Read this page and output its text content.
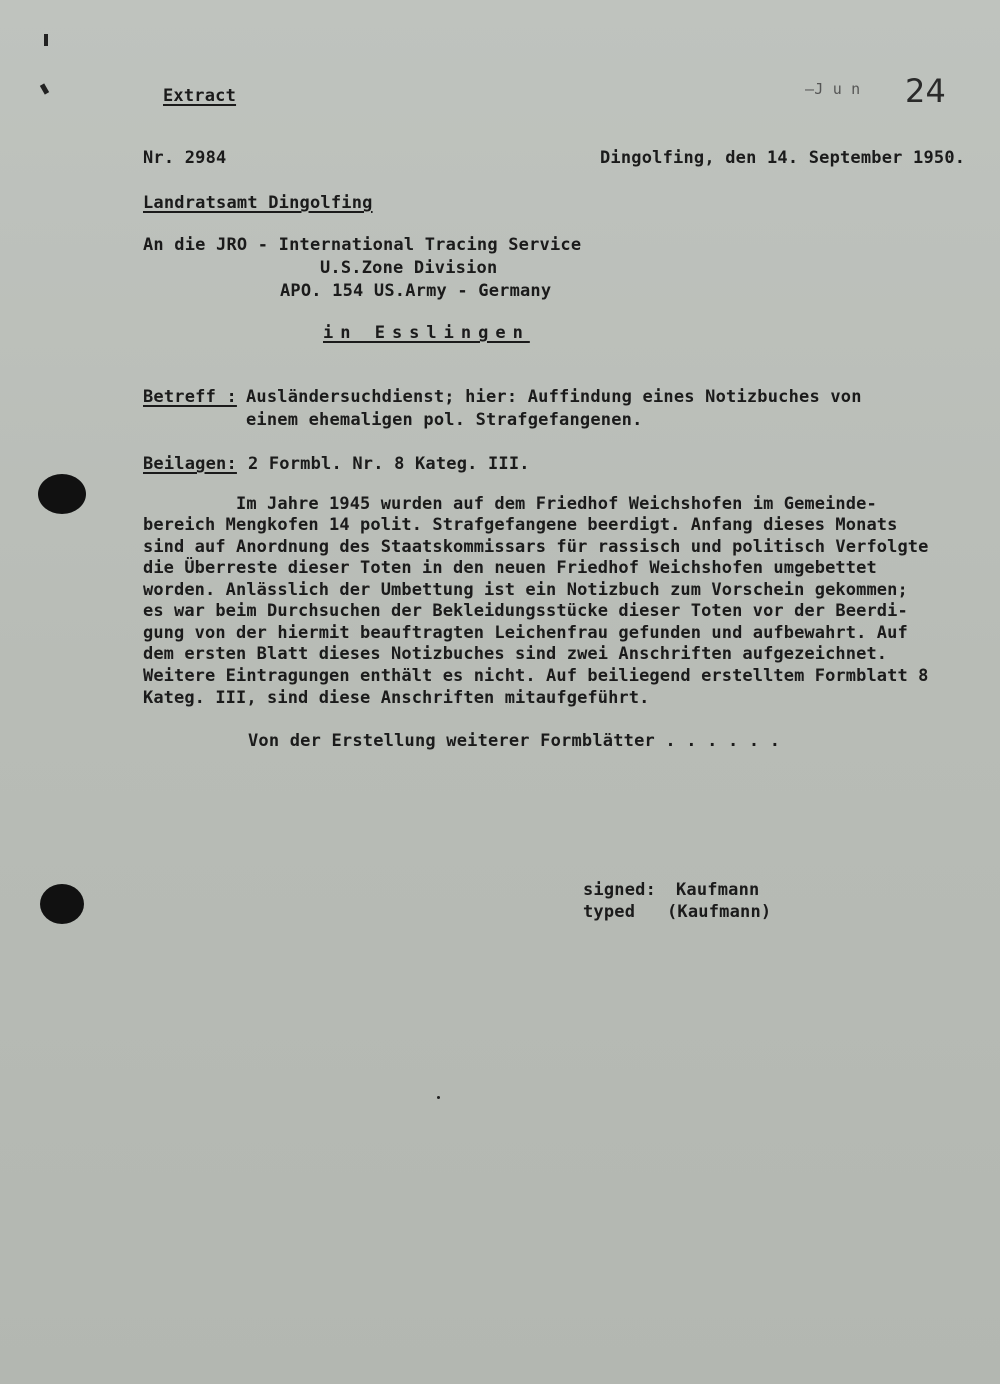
Extract	–J u n 24
Nr. 2984	Dingolfing, den 14. September 1950.
Landratsamt Dingolfing
An die JRO - International Tracing Service
U.S.Zone Division
APO. 154 US.Army - Germany
in Esslingen
Betreff : Ausländersuchdienst; hier: Auffindung eines Notizbuches von
einem ehemaligen pol. Strafgefangenen.
Beilagen: 2 Formbl. Nr. 8 Kateg. III.
Im Jahre 1945 wurden auf dem Friedhof Weichshofen im Gemeinde-
bereich Mengkofen 14 polit. Strafgefangene beerdigt. Anfang dieses Monats
sind auf Anordnung des Staatskommissars für rassisch und politisch Verfolgte
die Überreste dieser Toten in den neuen Friedhof Weichshofen umgebettet
worden. Anlässlich der Umbettung ist ein Notizbuch zum Vorschein gekommen;
es war beim Durchsuchen der Bekleidungsstücke dieser Toten vor der Beerdi-
gung von der hiermit beauftragten Leichenfrau gefunden und aufbewahrt. Auf
dem ersten Blatt dieses Notizbuches sind zwei Anschriften aufgezeichnet.
Weitere Eintragungen enthält es nicht. Auf beiliegend erstelltem Formblatt 8
Kateg. III, sind diese Anschriften mitaufgeführt.
Von der Erstellung weiterer Formblätter . . . . . .
signed: Kaufmann
typed (Kaufmann)
